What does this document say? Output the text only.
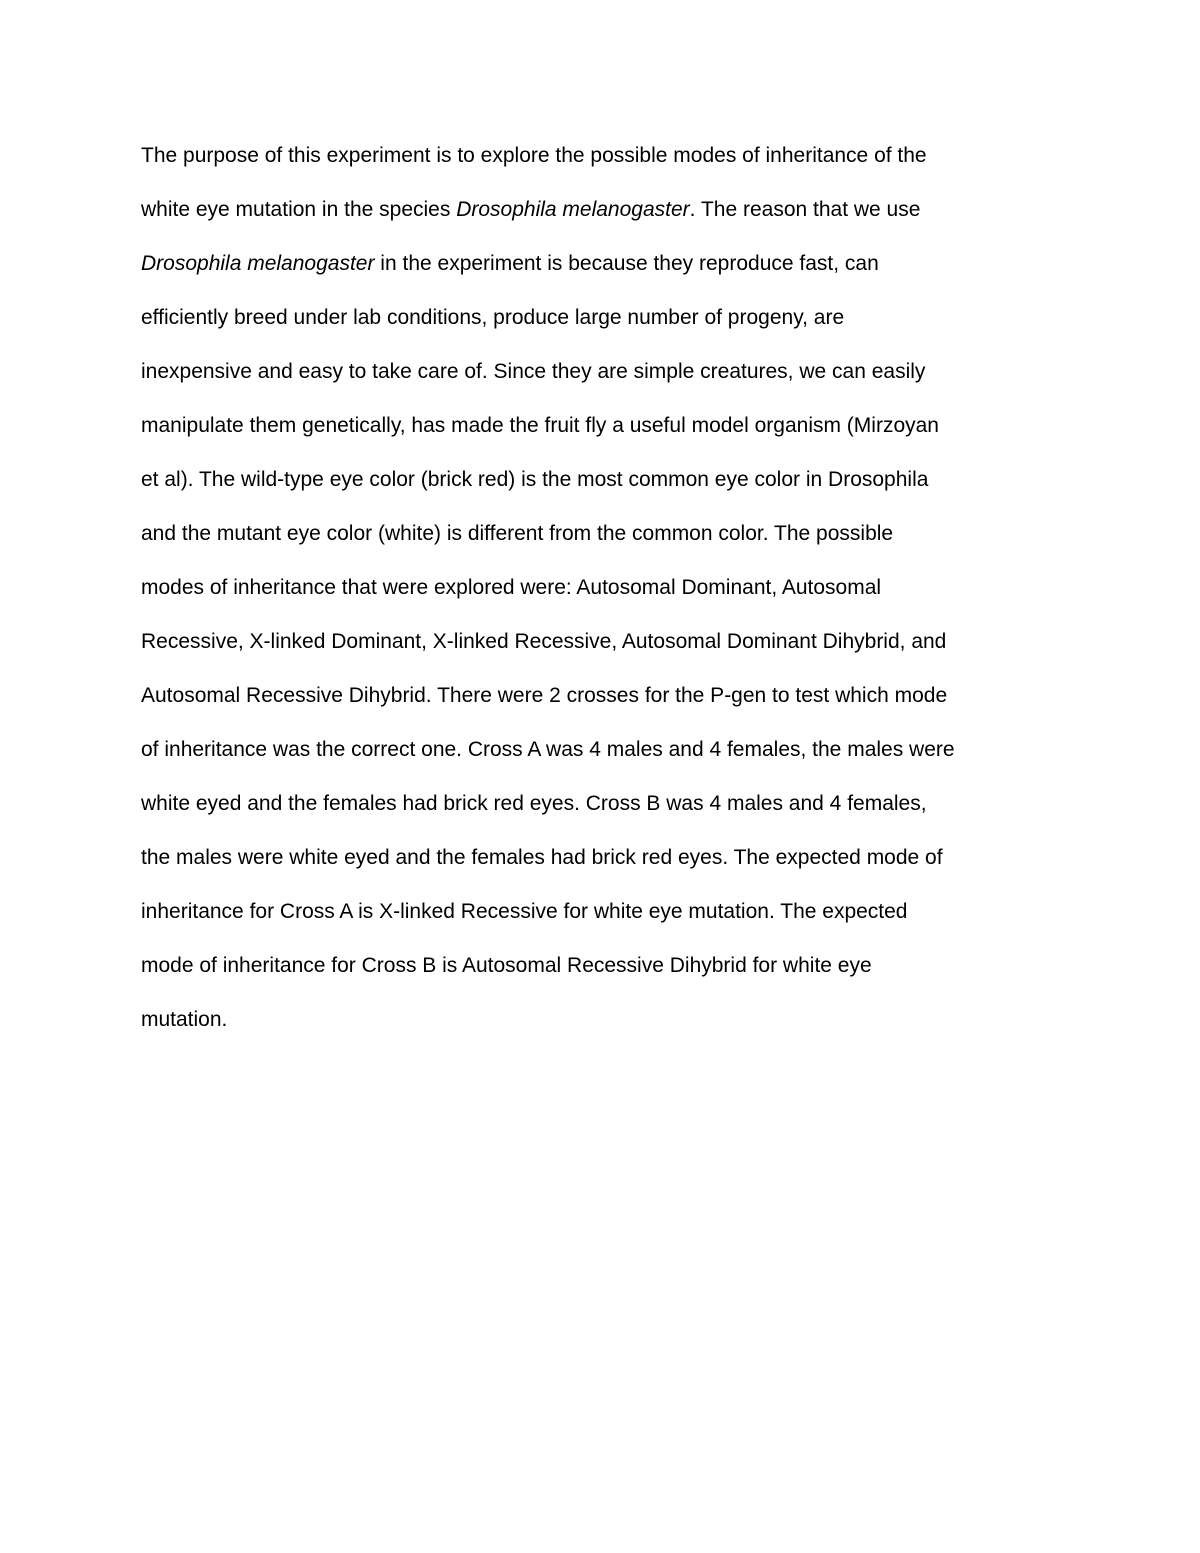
The purpose of this experiment is to explore the possible modes of inheritance of the
white eye mutation in the species Drosophila melanogaster. The reason that we use
Drosophila melanogaster in the experiment is because they reproduce fast, can
efficiently breed under lab conditions, produce large number of progeny, are
inexpensive and easy to take care of. Since they are simple creatures, we can easily
manipulate them genetically, has made the fruit fly a useful model organism (Mirzoyan
et al). The wild-type eye color (brick red) is the most common eye color in Drosophila
and the mutant eye color (white) is different from the common color. The possible
modes of inheritance that were explored were: Autosomal Dominant, Autosomal
Recessive, X-linked Dominant, X-linked Recessive, Autosomal Dominant Dihybrid, and
Autosomal Recessive Dihybrid. There were 2 crosses for the P-gen to test which mode
of inheritance was the correct one. Cross A was 4 males and 4 females, the males were
white eyed and the females had brick red eyes. Cross B was 4 males and 4 females,
the males were white eyed and the females had brick red eyes. The expected mode of
inheritance for Cross A is X-linked Recessive for white eye mutation. The expected
mode of inheritance for Cross B is Autosomal Recessive Dihybrid for white eye
mutation.
